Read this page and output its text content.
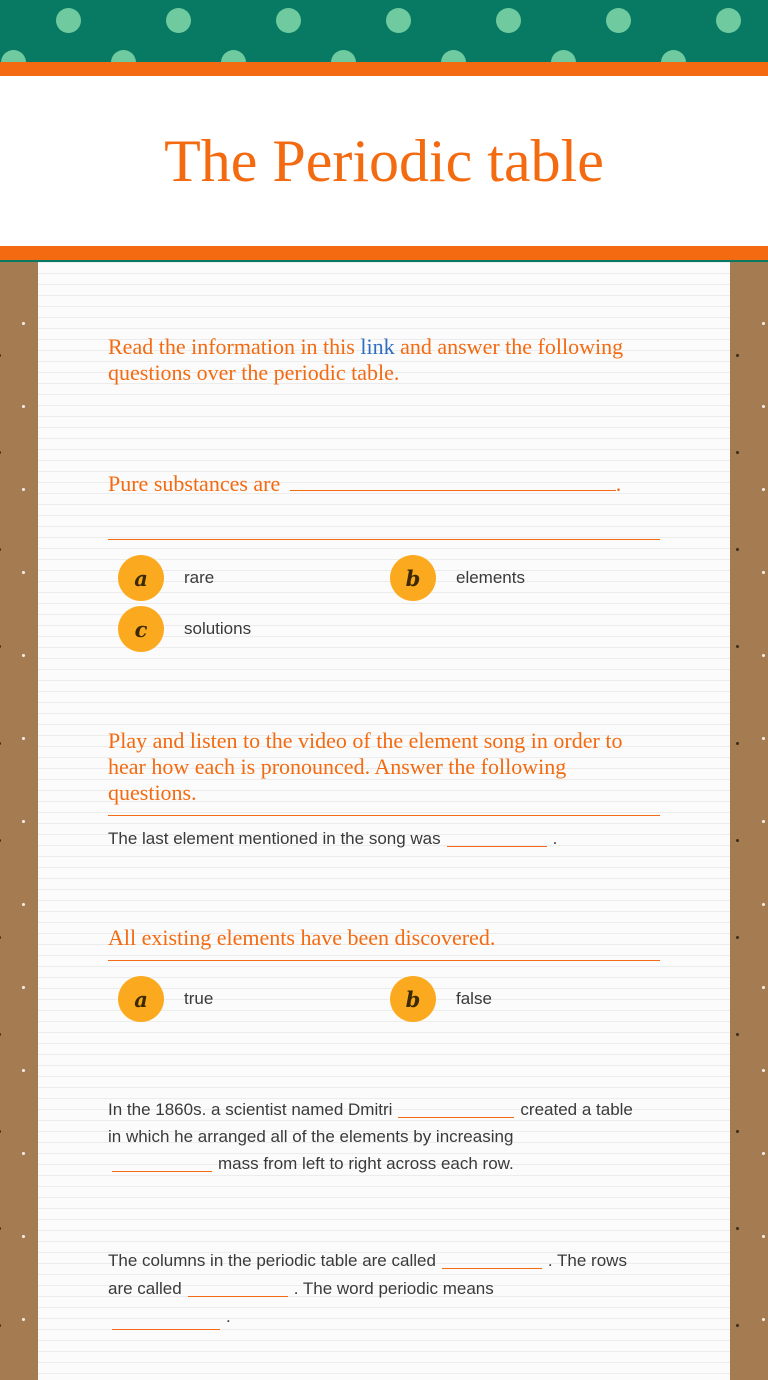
The Periodic table
Read the information in this link and answer the following questions over the periodic table.
Pure substances are	.
a	rare	b	elements
c	solutions
Play and listen to the video of the element song in order to hear how each is pronounced. Answer the following questions.
The last element mentioned in the song was	.
All existing elements have been discovered.
a	true	b	false
In the 1860s. a scientist named Dmitri	created a table in which he arranged all of the elements by increasing
mass from left to right across each row.
The columns in the periodic table are called	. The rows are called	. The word periodic means
.
